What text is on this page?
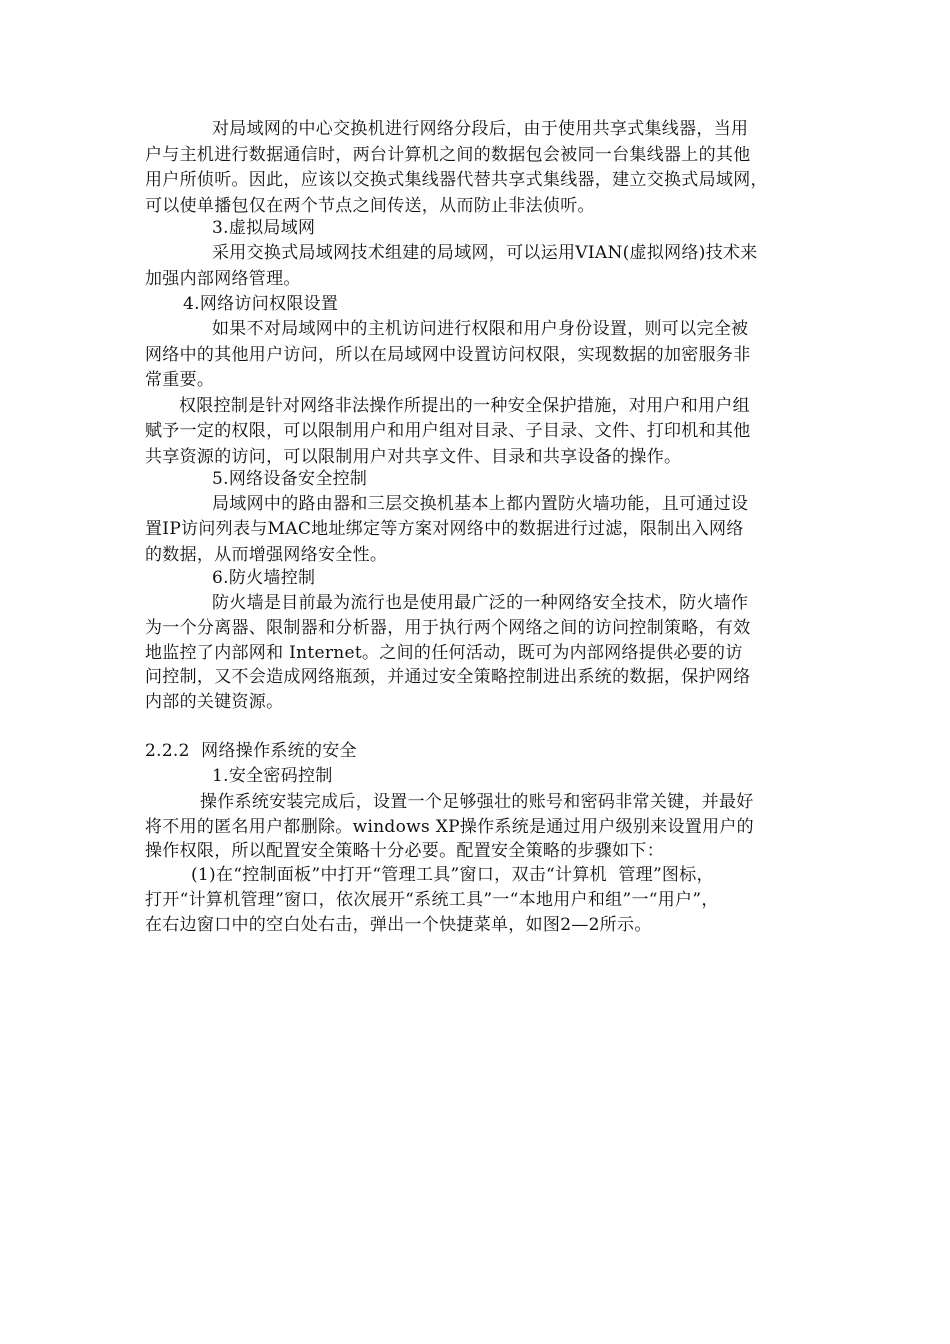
对局域网的中心交换机进行网络分段后，由于使用共享式集线器，当用
户与主机进行数据通信时，两台计算机之间的数据包会被同一台集线器上的其他
用户所侦听。因此，应该以交换式集线器代替共享式集线器，建立交换式局域网，
可以使单播包仅在两个节点之间传送，从而防止非法侦听。
3.虚拟局域网
采用交换式局域网技术组建的局域网，可以运用VIAN(虚拟网络)技术来
加强内部网络管理。
4.网络访问权限设置
如果不对局域网中的主机访问进行权限和用户身份设置，则可以完全被
网络中的其他用户访问，所以在局域网中设置访问权限，实现数据的加密服务非
常重要。
权限控制是针对网络非法操作所提出的一种安全保护措施，对用户和用户组
赋予一定的权限，可以限制用户和用户组对目录、子目录、文件、打印机和其他
共享资源的访问，可以限制用户对共享文件、目录和共享设备的操作。
5.网络设备安全控制
局域网中的路由器和三层交换机基本上都内置防火墙功能，且可通过设
置IP访问列表与MAC地址绑定等方案对网络中的数据进行过滤，限制出入网络
的数据，从而增强网络安全性。
6.防火墙控制
防火墙是目前最为流行也是使用最广泛的一种网络安全技术，防火墙作
为一个分离器、限制器和分析器，用于执行两个网络之间的访问控制策略，有效
地监控了内部网和 Internet。之间的任何活动，既可为内部网络提供必要的访
问控制，又不会造成网络瓶颈，并通过安全策略控制进出系统的数据，保护网络
内部的关键资源。
2.2.2  网络操作系统的安全
1.安全密码控制
操作系统安装完成后，设置一个足够强壮的账号和密码非常关键，并最好
将不用的匿名用户都删除。windows XP操作系统是通过用户级别来设置用户的
操作权限，所以配置安全策略十分必要。配置安全策略的步骤如下：
(1)在“控制面板”中打开“管理工具”窗口，双击“计算机  管理”图标，
打开“计算机管理”窗口，依次展开“系统工具”一“本地用户和组”一“用户”，
在右边窗口中的空白处右击，弹出一个快捷菜单，如图2—2所示。
